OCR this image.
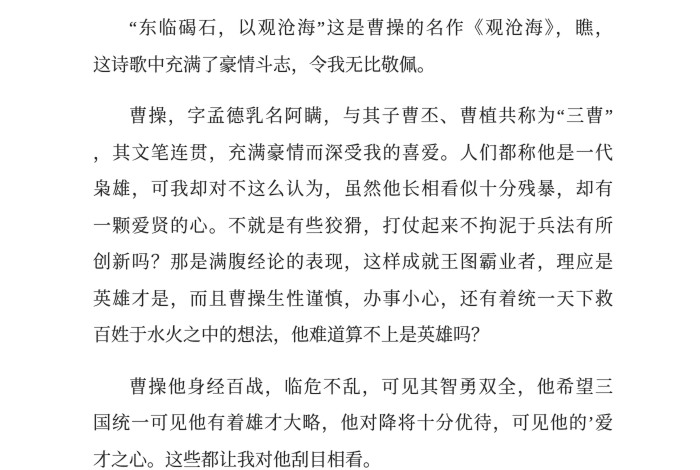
“东临碣石，以观沧海”这是曹操的名作《观沧海》，瞧，
这诗歌中充满了豪情斗志，令我无比敬佩。
曹操，字孟德乳名阿瞒，与其子曹丕、曹植共称为“三曹”
，其文笔连贯，充满豪情而深受我的喜爱。人们都称他是一代
枭雄，可我却对不这么认为，虽然他长相看似十分残暴，却有
一颗爱贤的心。不就是有些狡猾，打仗起来不拘泥于兵法有所
创新吗？那是满腹经论的表现，这样成就王图霸业者，理应是
英雄才是，而且曹操生性谨慎，办事小心，还有着统一天下救
百姓于水火之中的想法，他难道算不上是英雄吗？
曹操他身经百战，临危不乱，可见其智勇双全，他希望三
国统一可见他有着雄才大略，他对降将十分优待，可见他的’爱
才之心。这些都让我对他刮目相看。
